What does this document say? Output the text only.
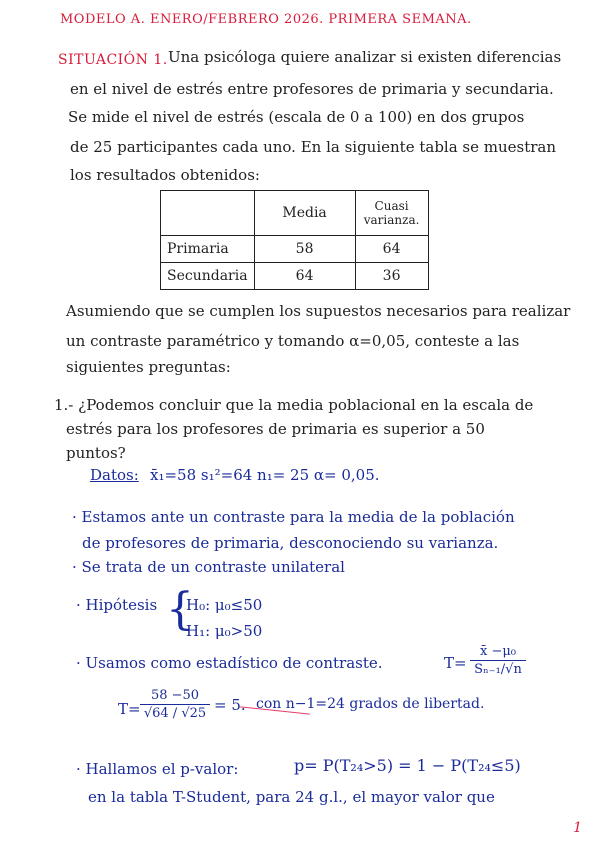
MODELO A. ENERO/FEBRERO 2026. PRIMERA SEMANA.
SITUACIÓN 1. Una psicóloga quiere analizar si existen diferencias
en el nivel de estrés entre profesores de primaria y secundaria.
Se mide el nivel de estrés (escala de 0 a 100) en dos grupos
de 25 participantes cada uno. En la siguiente tabla se muestran
los resultados obtenidos:
	Media	Cuasi varianza.
Primaria	58	64
Secundaria	64	36
Asumiendo que se cumplen los supuestos necesarios para realizar
un contraste paramétrico y tomando α=0,05, conteste a las
siguientes preguntas:
1.- ¿Podemos concluir que la media poblacional en la escala de
estrés para los profesores de primaria es superior a 50
puntos?
Datos: x̄₁=58 s₁²=64 n₁= 25 α= 0,05.
· Estamos ante un contraste para la media de la población
de profesores de primaria, desconociendo su varianza.
· Se trata de un contraste unilateral
· Hipótesis {
H₀: μ₀≤50
H₁: μ₀>50
· Usamos como estadístico de contraste.	T=
x̄ −μ₀
Sₙ₋₁/√n
T=
58 −50
√64 / √25 = 5. con n−1=24 grados de libertad.
· Hallamos el p-valor:	p= P(T₂₄>5) = 1 − P(T₂₄≤5)
en la tabla T-Student, para 24 g.l., el mayor valor que
1
